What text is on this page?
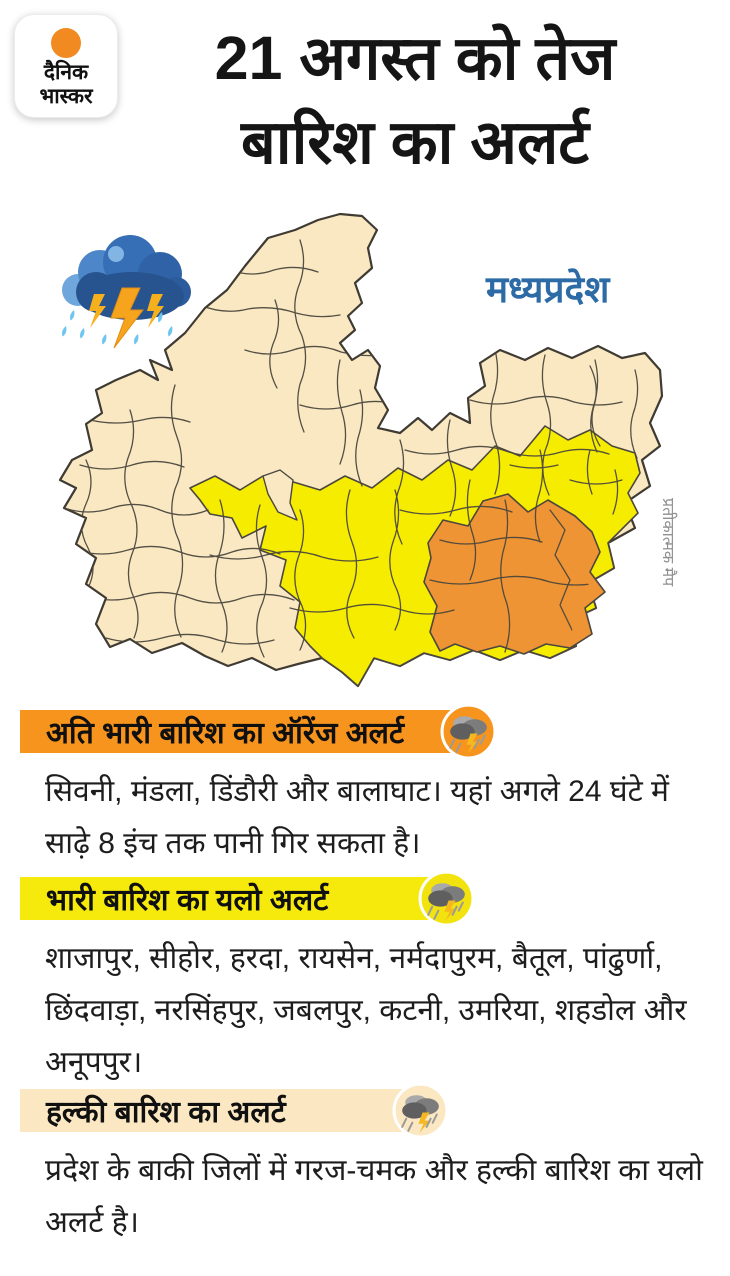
दैनिक
भास्कर
21 अगस्त को तेज
बारिश का अलर्ट
मध्यप्रदेश
प्रतीकात्मक मैप
अति भारी बारिश का ऑरेंज अलर्ट
सिवनी, मंडला, डिंडौरी और बालाघाट। यहां अगले 24 घंटे में साढ़े 8 इंच तक पानी गिर सकता है।
भारी बारिश का यलो अलर्ट
शाजापुर, सीहोर, हरदा, रायसेन, नर्मदापुरम, बैतूल, पांढुर्णा, छिंदवाड़ा, नरसिंहपुर, जबलपुर, कटनी, उमरिया, शहडोल और अनूपपुर।
हल्की बारिश का अलर्ट
प्रदेश के बाकी जिलों में गरज-चमक और हल्की बारिश का यलो अलर्ट है।
